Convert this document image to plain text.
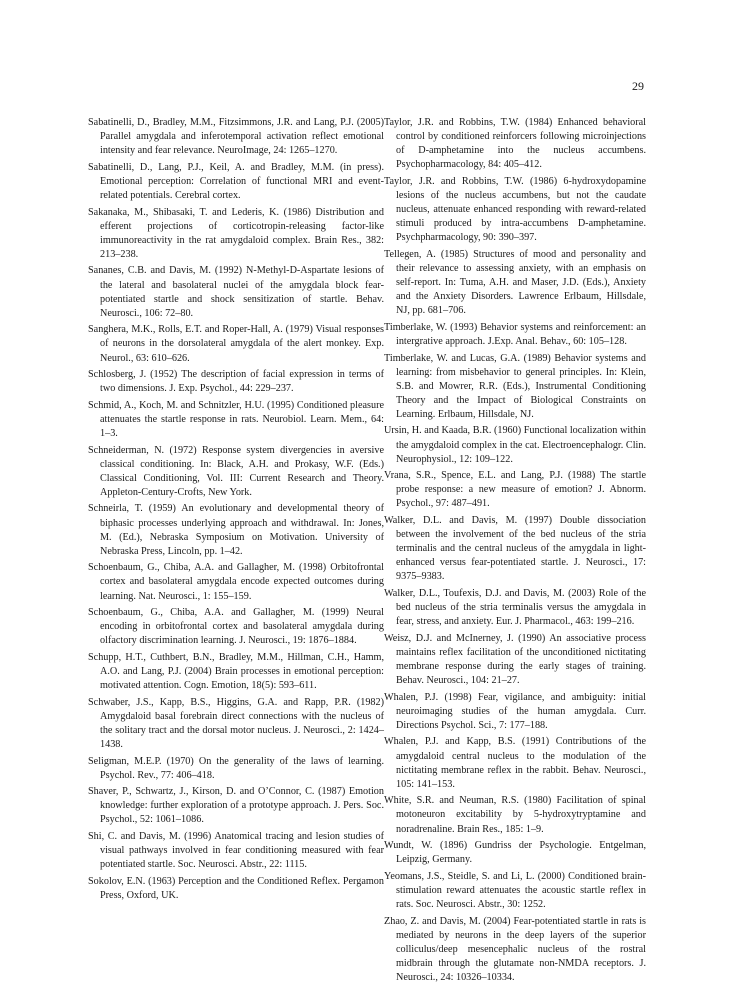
29

Sabatinelli, D., Bradley, M.M., Fitzsimmons, J.R. and Lang, P.J. (2005) Parallel amygdala and inferotemporal activation reflect emotional intensity and fear relevance. NeuroImage, 24: 1265–1270.

Sabatinelli, D., Lang, P.J., Keil, A. and Bradley, M.M. (in press). Emotional perception: Correlation of functional MRI and event-related potentials. Cerebral cortex.

Sakanaka, M., Shibasaki, T. and Lederis, K. (1986) Distribution and efferent projections of corticotropin-releasing factor-like immunoreactivity in the rat amygdaloid complex. Brain Res., 382: 213–238.

Sananes, C.B. and Davis, M. (1992) N-Methyl-D-Aspartate lesions of the lateral and basolateral nuclei of the amygdala block fear-potentiated startle and shock sensitization of startle. Behav. Neurosci., 106: 72–80.

Sanghera, M.K., Rolls, E.T. and Roper-Hall, A. (1979) Visual responses of neurons in the dorsolateral amygdala of the alert monkey. Exp. Neurol., 63: 610–626.

Schlosberg, J. (1952) The description of facial expression in terms of two dimensions. J. Exp. Psychol., 44: 229–237.

Schmid, A., Koch, M. and Schnitzler, H.U. (1995) Conditioned pleasure attenuates the startle response in rats. Neurobiol. Learn. Mem., 64: 1–3.

Schneiderman, N. (1972) Response system divergencies in aversive classical conditioning. In: Black, A.H. and Prokasy, W.F. (Eds.) Classical Conditioning, Vol. III: Current Research and Theory. Appleton-Century-Crofts, New York.

Schneirla, T. (1959) An evolutionary and developmental theory of biphasic processes underlying approach and withdrawal. In: Jones, M. (Ed.), Nebraska Symposium on Motivation. University of Nebraska Press, Lincoln, pp. 1–42.

Schoenbaum, G., Chiba, A.A. and Gallagher, M. (1998) Orbitofrontal cortex and basolateral amygdala encode expected outcomes during learning. Nat. Neurosci., 1: 155–159.

Schoenbaum, G., Chiba, A.A. and Gallagher, M. (1999) Neural encoding in orbitofrontal cortex and basolateral amygdala during olfactory discrimination learning. J. Neurosci., 19: 1876–1884.

Schupp, H.T., Cuthbert, B.N., Bradley, M.M., Hillman, C.H., Hamm, A.O. and Lang, P.J. (2004) Brain processes in emotional perception: motivated attention. Cogn. Emotion, 18(5): 593–611.

Schwaber, J.S., Kapp, B.S., Higgins, G.A. and Rapp, P.R. (1982) Amygdaloid basal forebrain direct connections with the nucleus of the solitary tract and the dorsal motor nucleus. J. Neurosci., 2: 1424–1438.

Seligman, M.E.P. (1970) On the generality of the laws of learning. Psychol. Rev., 77: 406–418.

Shaver, P., Schwartz, J., Kirson, D. and O’Connor, C. (1987) Emotion knowledge: further exploration of a prototype approach. J. Pers. Soc. Psychol., 52: 1061–1086.

Shi, C. and Davis, M. (1996) Anatomical tracing and lesion studies of visual pathways involved in fear conditioning measured with fear potentiated startle. Soc. Neurosci. Abstr., 22: 1115.

Sokolov, E.N. (1963) Perception and the Conditioned Reflex. Pergamon Press, Oxford, UK.

Taylor, J.R. and Robbins, T.W. (1984) Enhanced behavioral control by conditioned reinforcers following microinjections of D-amphetamine into the nucleus accumbens. Psychopharmacology, 84: 405–412.

Taylor, J.R. and Robbins, T.W. (1986) 6-hydroxydopamine lesions of the nucleus accumbens, but not the caudate nucleus, attenuate enhanced responding with reward-related stimuli produced by intra-accumbens D-amphetamine. Psychpharmacology, 90: 390–397.

Tellegen, A. (1985) Structures of mood and personality and their relevance to assessing anxiety, with an emphasis on self-report. In: Tuma, A.H. and Maser, J.D. (Eds.), Anxiety and the Anxiety Disorders. Lawrence Erlbaum, Hillsdale, NJ, pp. 681–706.

Timberlake, W. (1993) Behavior systems and reinforcement: an intergrative approach. J.Exp. Anal. Behav., 60: 105–128.

Timberlake, W. and Lucas, G.A. (1989) Behavior systems and learning: from misbehavior to general principles. In: Klein, S.B. and Mowrer, R.R. (Eds.), Instrumental Conditioning Theory and the Impact of Biological Constraints on Learning. Erlbaum, Hillsdale, NJ.

Ursin, H. and Kaada, B.R. (1960) Functional localization within the amygdaloid complex in the cat. Electroencephalogr. Clin. Neurophysiol., 12: 109–122.

Vrana, S.R., Spence, E.L. and Lang, P.J. (1988) The startle probe response: a new measure of emotion? J. Abnorm. Psychol., 97: 487–491.

Walker, D.L. and Davis, M. (1997) Double dissociation between the involvement of the bed nucleus of the stria terminalis and the central nucleus of the amygdala in light-enhanced versus fear-potentiated startle. J. Neurosci., 17: 9375–9383.

Walker, D.L., Toufexis, D.J. and Davis, M. (2003) Role of the bed nucleus of the stria terminalis versus the amygdala in fear, stress, and anxiety. Eur. J. Pharmacol., 463: 199–216.

Weisz, D.J. and McInerney, J. (1990) An associative process maintains reflex facilitation of the unconditioned nictitating membrane response during the early stages of training. Behav. Neurosci., 104: 21–27.

Whalen, P.J. (1998) Fear, vigilance, and ambiguity: initial neuroimaging studies of the human amygdala. Curr. Directions Psychol. Sci., 7: 177–188.

Whalen, P.J. and Kapp, B.S. (1991) Contributions of the amygdaloid central nucleus to the modulation of the nictitating membrane reflex in the rabbit. Behav. Neurosci., 105: 141–153.

White, S.R. and Neuman, R.S. (1980) Facilitation of spinal motoneuron excitability by 5-hydroxytryptamine and noradrenaline. Brain Res., 185: 1–9.

Wundt, W. (1896) Gundriss der Psychologie. Entgelman, Leipzig, Germany.

Yeomans, J.S., Steidle, S. and Li, L. (2000) Conditioned brain-stimulation reward attenuates the acoustic startle reflex in rats. Soc. Neurosci. Abstr., 30: 1252.

Zhao, Z. and Davis, M. (2004) Fear-potentiated startle in rats is mediated by neurons in the deep layers of the superior colliculus/deep mesencephalic nucleus of the rostral midbrain through the glutamate non-NMDA receptors. J. Neurosci., 24: 10326–10334.
